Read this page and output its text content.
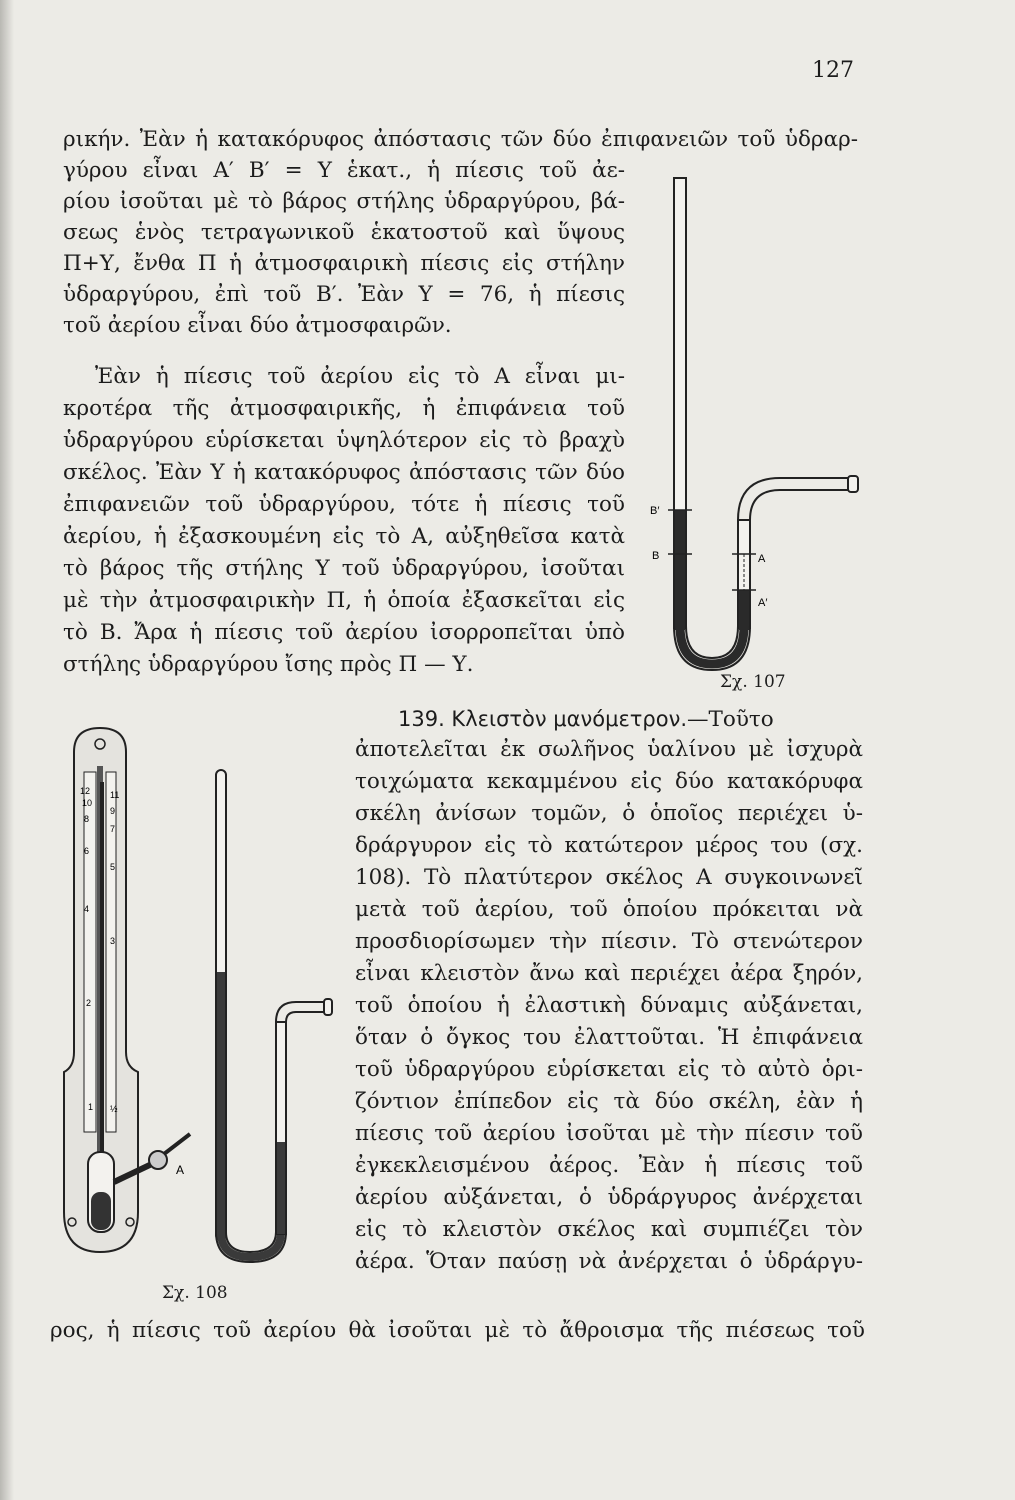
127
ρικήν. Ἐὰν ἡ κατακόρυφος ἀπόστασις τῶν δύο ἐπιφανειῶν τοῦ ὑδραρ-
γύρου εἶναι A′ B′ = Y ἑκατ., ἡ πίεσις τοῦ ἀε-
ρίου ἰσοῦται μὲ τὸ βάρος στήλης ὑδραργύρου, βά-
σεως ἑνὸς τετραγωνικοῦ ἑκατοστοῦ καὶ ὕψους
Π+Υ, ἔνθα Π ἡ ἀτμοσφαιρικὴ πίεσις εἰς στήλην
ὑδραργύρου, ἐπὶ τοῦ Β′. Ἐὰν Υ = 76, ἡ πίεσις
τοῦ ἀερίου εἶναι δύο ἀτμοσφαιρῶν.
Ἐὰν ἡ πίεσις τοῦ ἀερίου εἰς τὸ Α εἶναι μι-
κροτέρα τῆς ἀτμοσφαιρικῆς, ἡ ἐπιφάνεια τοῦ
ὑδραργύρου εὑρίσκεται ὑψηλότερον εἰς τὸ βραχὺ
σκέλος. Ἐὰν Υ ἡ κατακόρυφος ἀπόστασις τῶν δύο
ἐπιφανειῶν τοῦ ὑδραργύρου, τότε ἡ πίεσις τοῦ
ἀερίου, ἡ ἐξασκουμένη εἰς τὸ Α, αὐξηθεῖσα κατὰ
τὸ βάρος τῆς στήλης Υ τοῦ ὑδραργύρου, ἰσοῦται
μὲ τὴν ἀτμοσφαιρικὴν Π, ἡ ὁποία ἐξασκεῖται εἰς
τὸ Β. Ἄρα ἡ πίεσις τοῦ ἀερίου ἰσορροπεῖται ὑπὸ
στήλης ὑδραργύρου ἴσης πρὸς Π — Υ.
B′
B	A
A′
Σχ. 107
139. Κλειστὸν μανόμετρον.—Τοῦτο
ἀποτελεῖται ἐκ σωλῆνος ὑαλίνου μὲ ἰσχυρὰ
τοιχώματα κεκαμμένου εἰς δύο κατακόρυφα
σκέλη ἀνίσων τομῶν, ὁ ὁποῖος περιέχει ὑ-
δράργυρον εἰς τὸ κατώτερον μέρος του (σχ.
108). Τὸ πλατύτερον σκέλος Α συγκοινωνεῖ
μετὰ τοῦ ἀερίου, τοῦ ὁποίου πρόκειται νὰ
προσδιορίσωμεν τὴν πίεσιν. Τὸ στενώτερον
εἶναι κλειστὸν ἄνω καὶ περιέχει ἀέρα ξηρόν,
τοῦ ὁποίου ἡ ἐλαστικὴ δύναμις αὐξάνεται,
ὅταν ὁ ὄγκος του ἐλαττοῦται. Ἡ ἐπιφάνεια
τοῦ ὑδραργύρου εὑρίσκεται εἰς τὸ αὐτὸ ὁρι-
ζόντιον ἐπίπεδον εἰς τὰ δύο σκέλη, ἐὰν ἡ
πίεσις τοῦ ἀερίου ἰσοῦται μὲ τὴν πίεσιν τοῦ
ἐγκεκλεισμένου ἀέρος. Ἐὰν ἡ πίεσις τοῦ
ἀερίου αὐξάνεται, ὁ ὑδράργυρος ἀνέρχεται
εἰς τὸ κλειστὸν σκέλος καὶ συμπιέζει τὸν
ἀέρα. Ὅταν παύσῃ νὰ ἀνέρχεται ὁ ὑδράργυ-
12
10
8
6
4
2
1
11
9
7
5
3
½
A
Σχ. 108
ρος, ἡ πίεσις τοῦ ἀερίου θὰ ἰσοῦται μὲ τὸ ἄθροισμα τῆς πιέσεως τοῦ
